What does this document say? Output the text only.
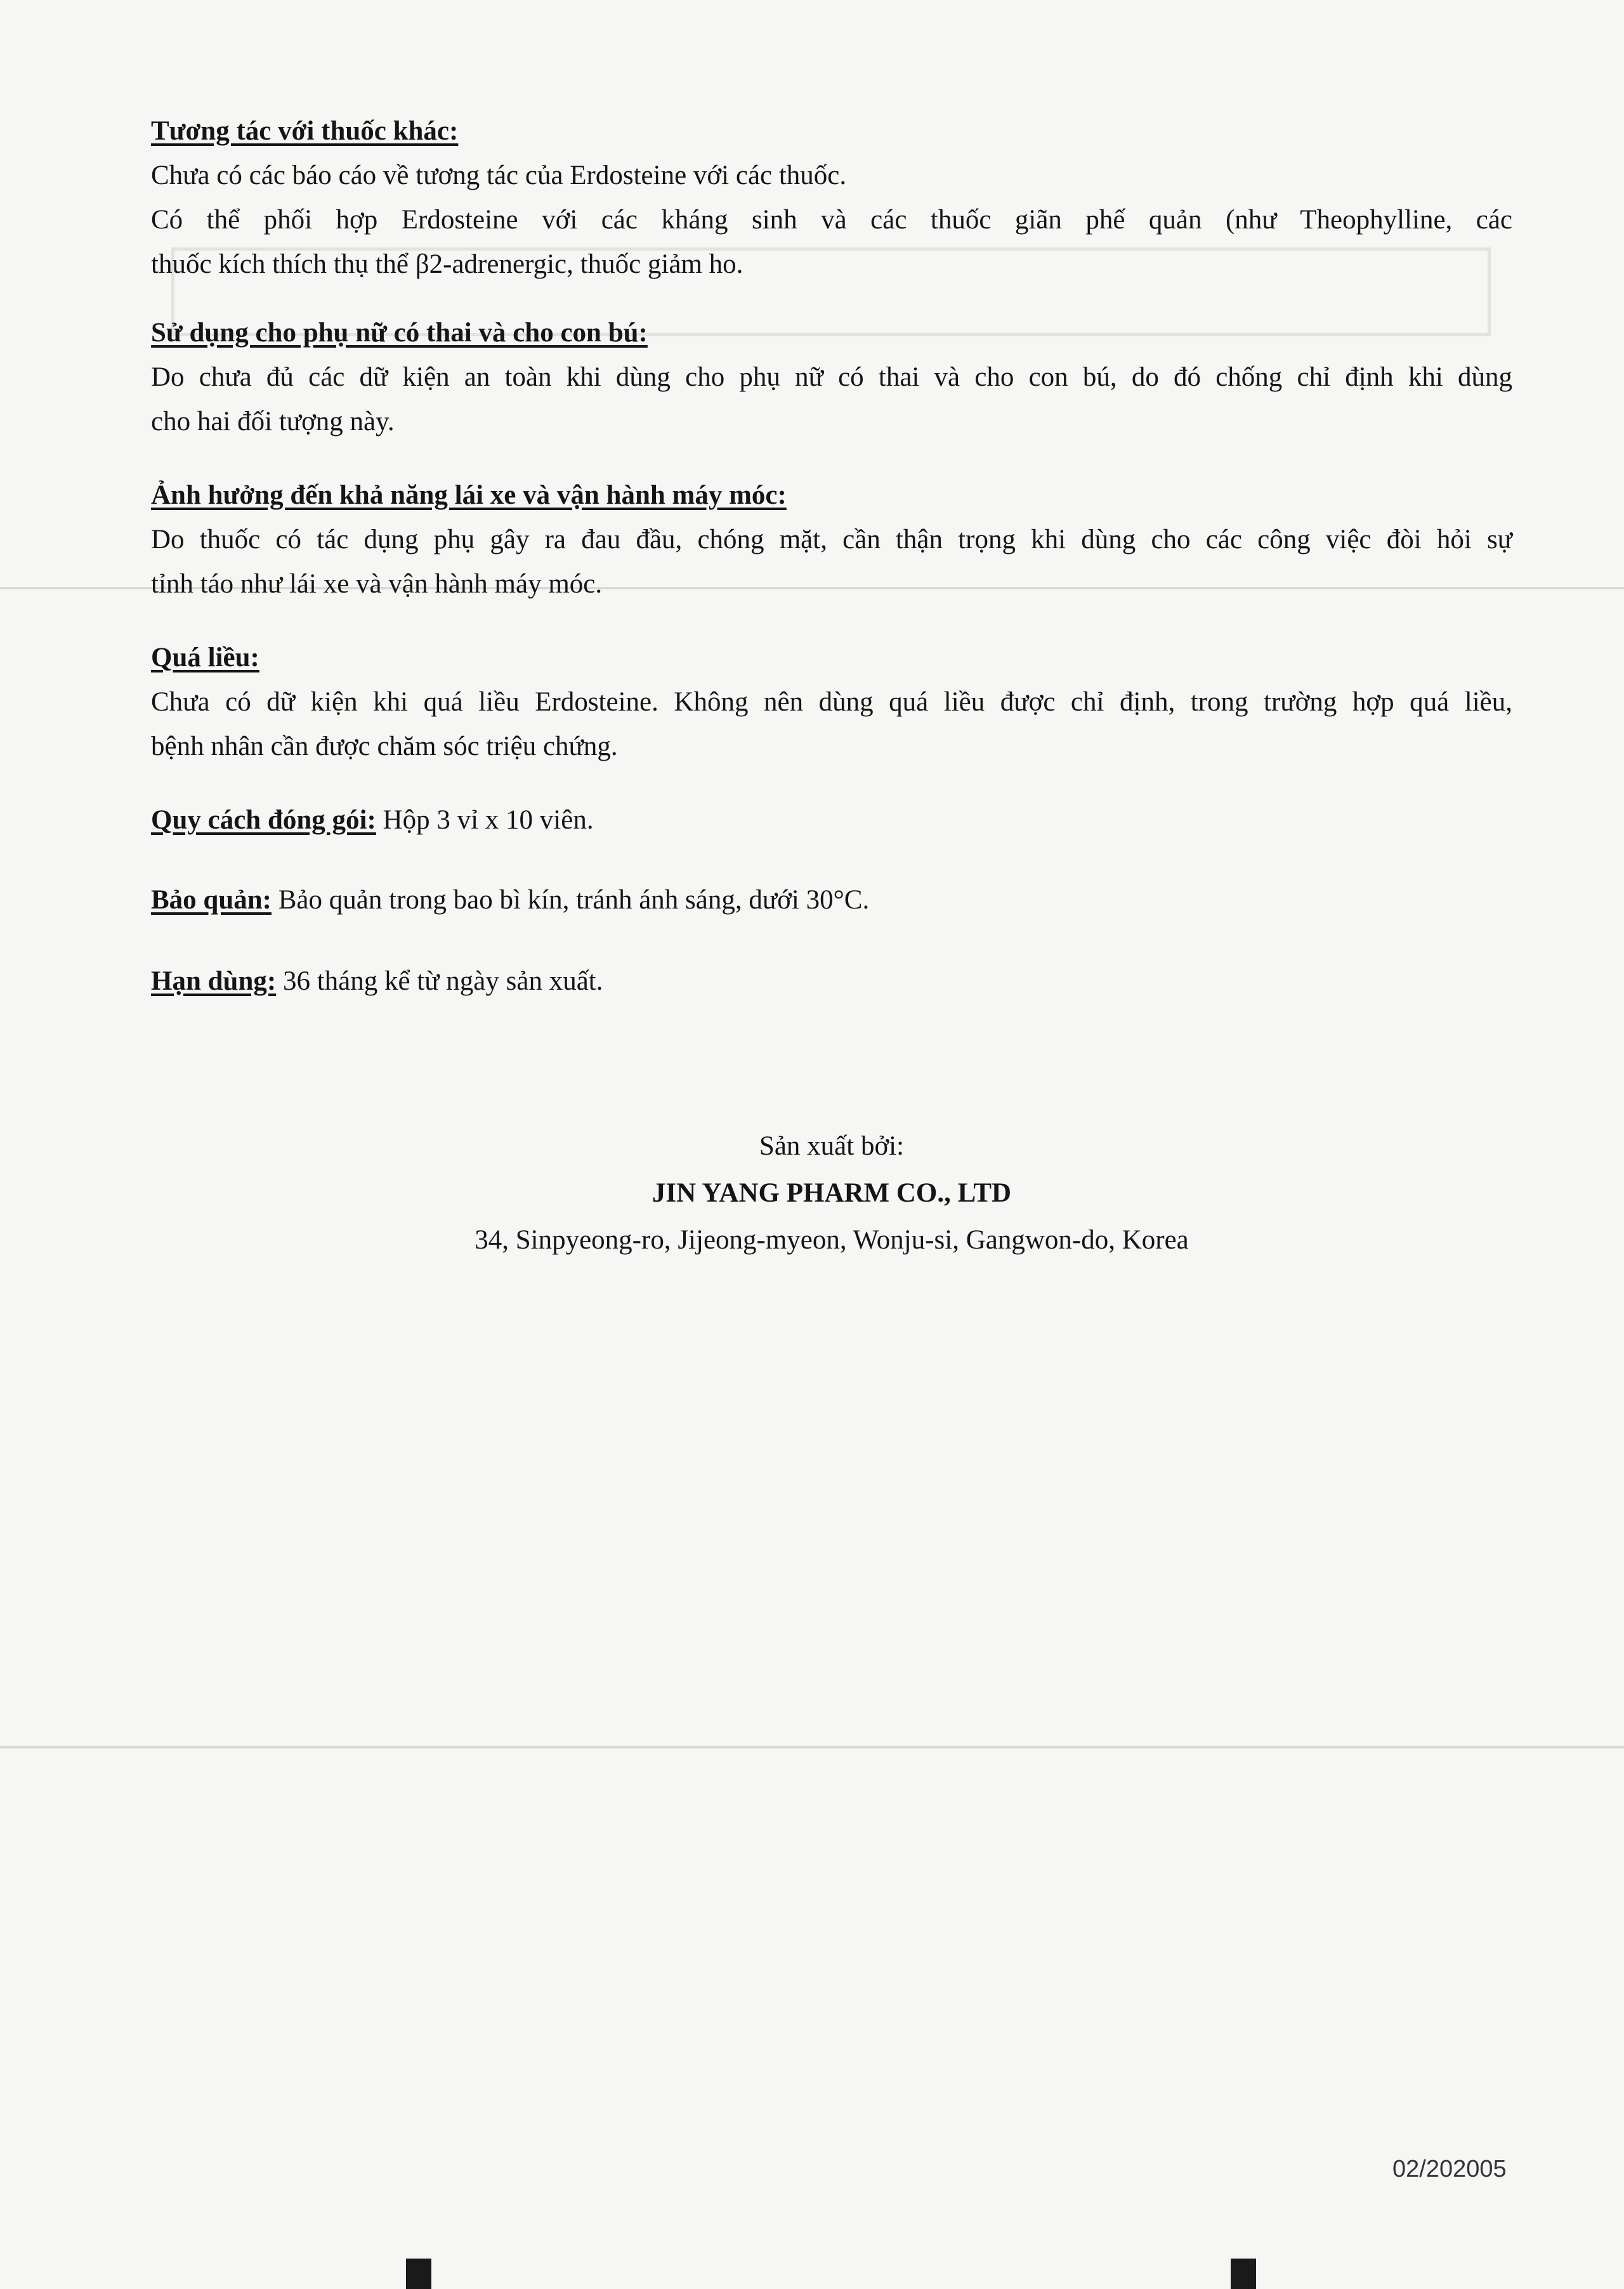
Tương tác với thuốc khác:
Chưa có các báo cáo về tương tác của Erdosteine với các thuốc.
Có thể phối hợp Erdosteine với các kháng sinh và các thuốc giãn phế quản (như Theophylline, các
thuốc kích thích thụ thể β2-adrenergic, thuốc giảm ho.
Sử dụng cho phụ nữ có thai và cho con bú:
Do chưa đủ các dữ kiện an toàn khi dùng cho phụ nữ có thai và cho con bú, do đó chống chỉ định khi dùng
cho hai đối tượng này.
Ảnh hưởng đến khả năng lái xe và vận hành máy móc:
Do thuốc có tác dụng phụ gây ra đau đầu, chóng mặt, cần thận trọng khi dùng cho các công việc đòi hỏi sự
tỉnh táo như lái xe và vận hành máy móc.
Quá liều:
Chưa có dữ kiện khi quá liều Erdosteine. Không nên dùng quá liều được chỉ định, trong trường hợp quá liều,
bệnh nhân cần được chăm sóc triệu chứng.
Quy cách đóng gói: Hộp 3 vỉ x 10 viên.
Bảo quản: Bảo quản trong bao bì kín, tránh ánh sáng, dưới 30°C.
Hạn dùng: 36 tháng kể từ ngày sản xuất.
Sản xuất bởi:
JIN YANG PHARM CO., LTD
34, Sinpyeong-ro, Jijeong-myeon, Wonju-si, Gangwon-do, Korea
02/202005
